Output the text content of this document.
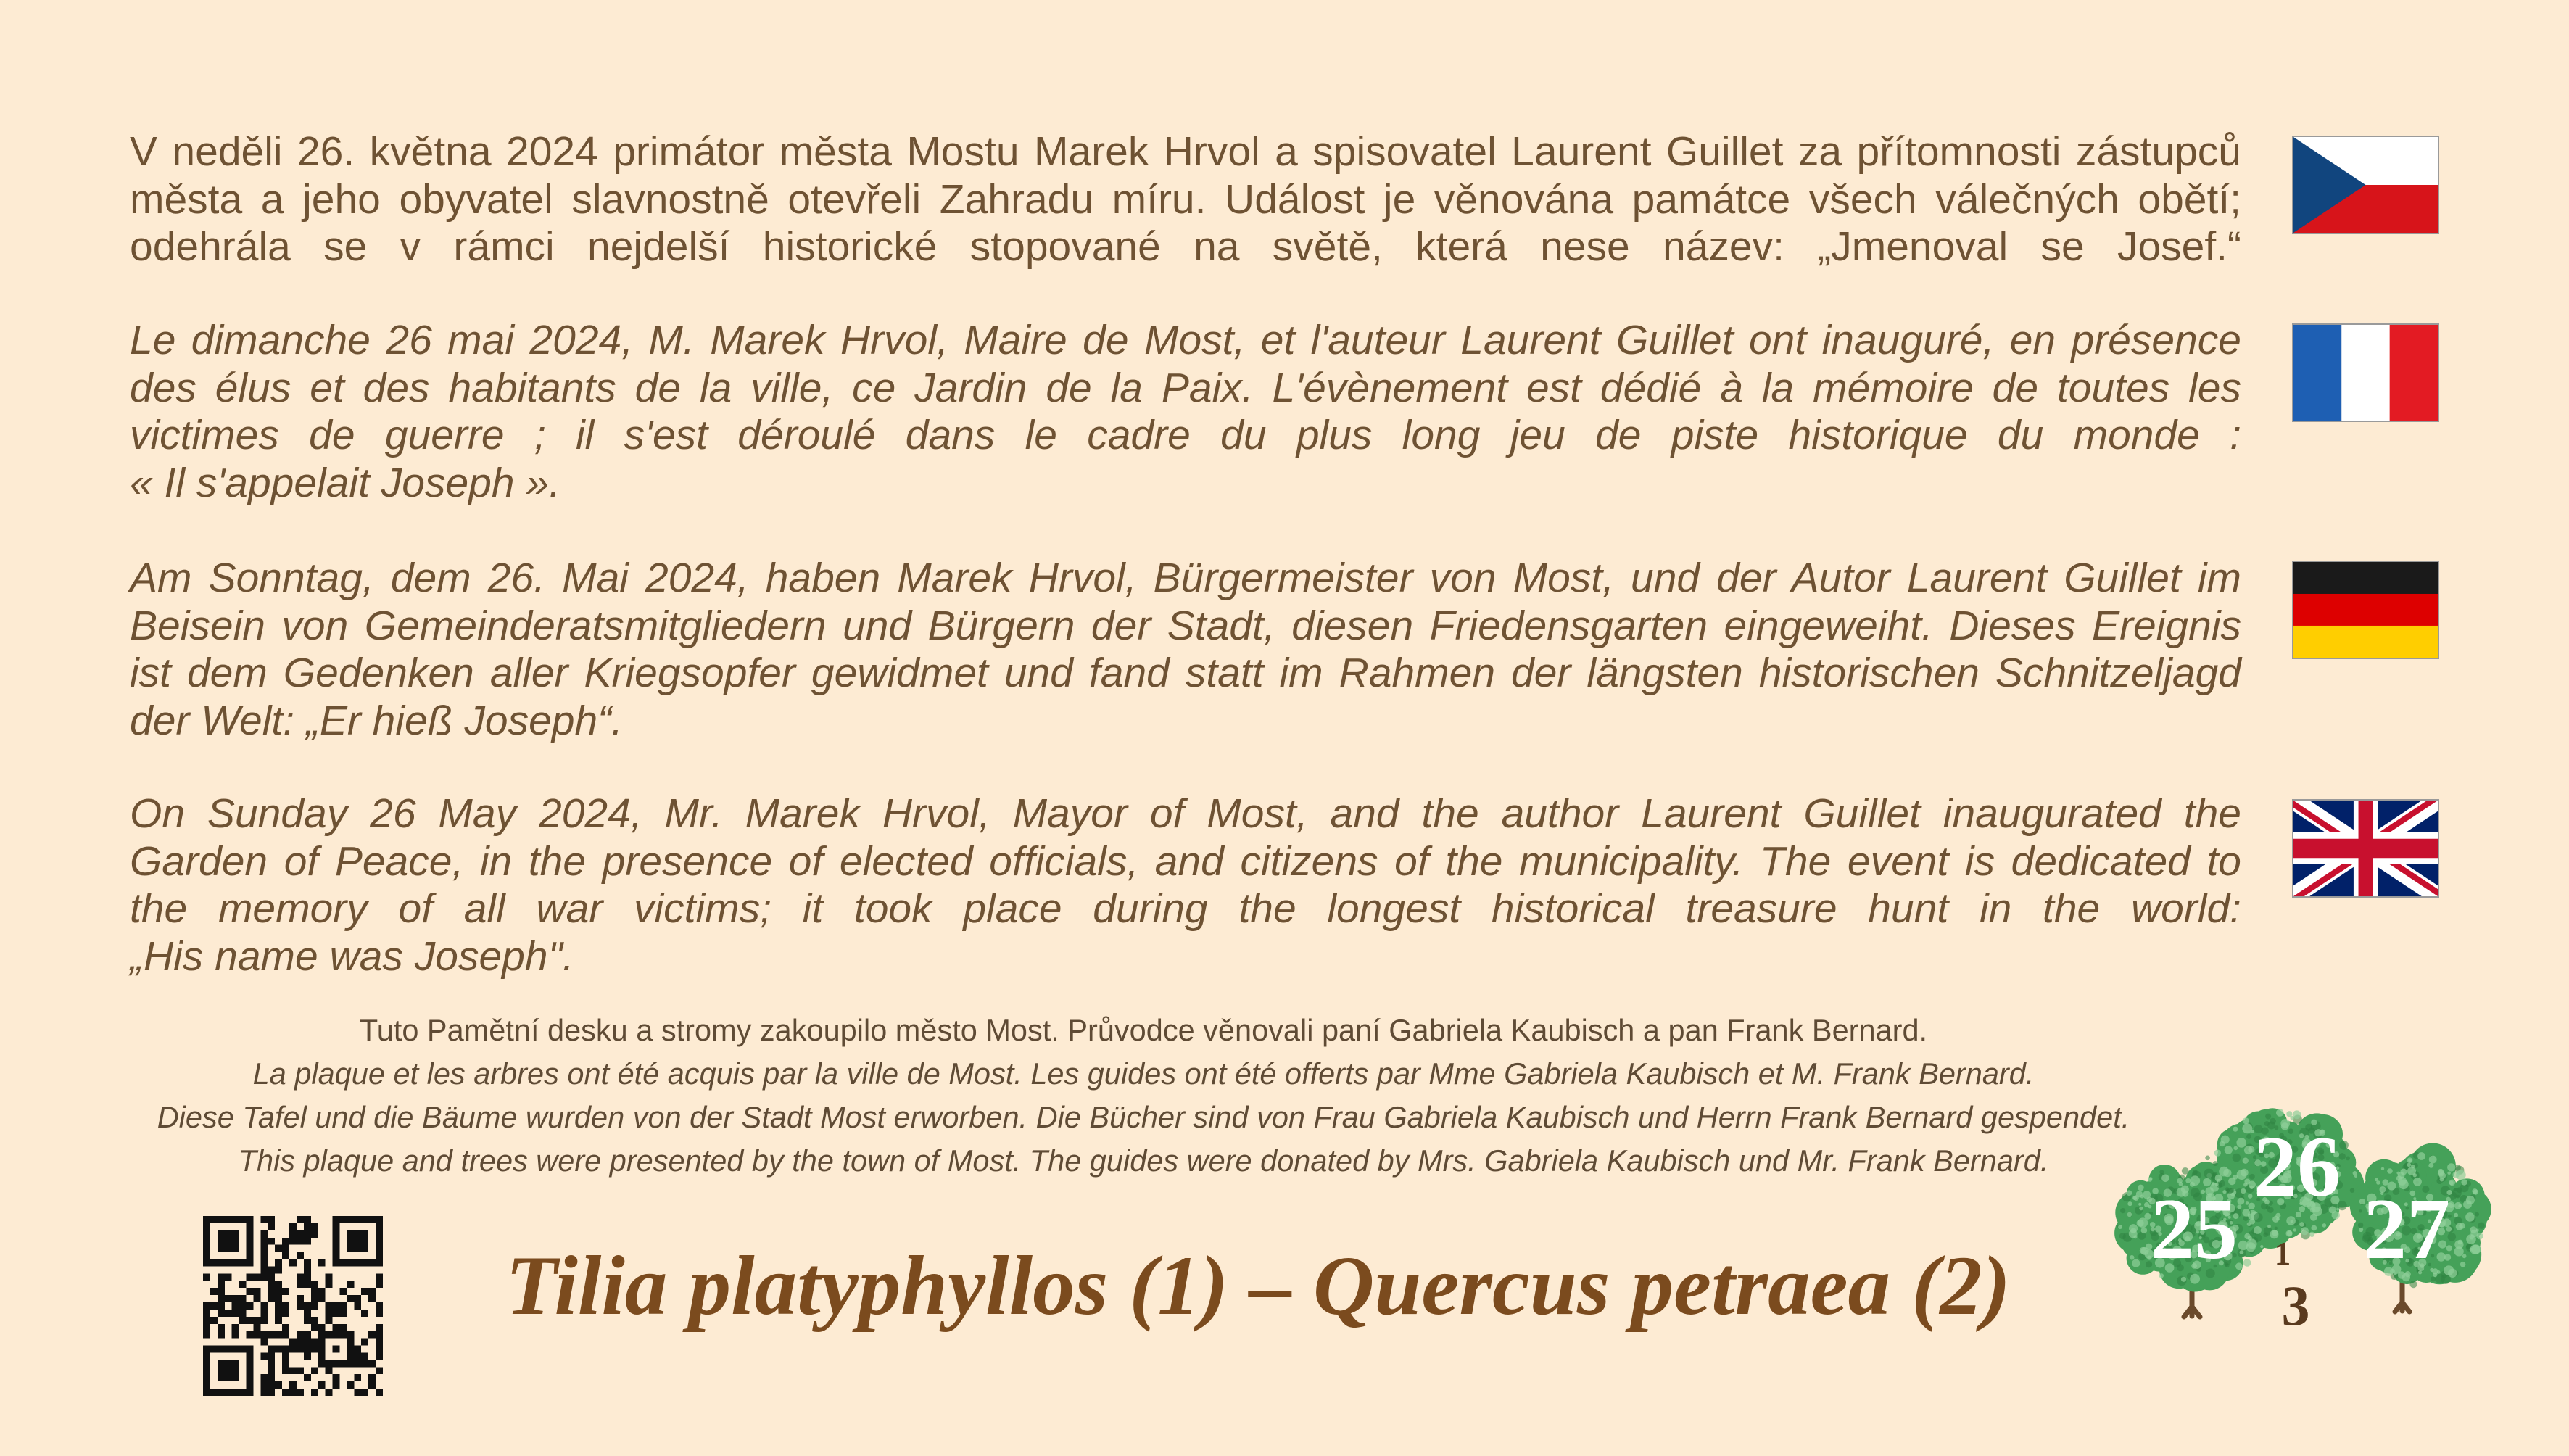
V neděli 26. května 2024 primátor města Mostu Marek Hrvol a spisovatel Laurent Guillet za přítomnosti zástupců
města a jeho obyvatel slavnostně otevřeli Zahradu míru. Událost je věnována památce všech válečných obětí;
odehrála se v rámci nejdelší historické stopované na světě, která nese název: „Jmenoval se Josef.“
Le dimanche 26 mai 2024, M. Marek Hrvol, Maire de Most, et l'auteur Laurent Guillet ont inauguré, en présence
des élus et des habitants de la ville, ce Jardin de la Paix. L'évènement est dédié à la mémoire de toutes les
victimes de guerre ; il s'est déroulé dans le cadre du plus long jeu de piste historique du monde :
« Il s'appelait Joseph ».
Am Sonntag, dem 26. Mai 2024, haben Marek Hrvol, Bürgermeister von Most, und der Autor Laurent Guillet im
Beisein von Gemeinderatsmitgliedern und Bürgern der Stadt, diesen Friedensgarten eingeweiht. Dieses Ereignis
ist dem Gedenken aller Kriegsopfer gewidmet und fand statt im Rahmen der längsten historischen Schnitzeljagd
der Welt: „Er hieß Joseph“.
On Sunday 26 May 2024, Mr. Marek Hrvol, Mayor of Most, and the author Laurent Guillet inaugurated the
Garden of Peace, in the presence of elected officials, and citizens of the municipality. The event is dedicated to
the memory of all war victims; it took place during the longest historical treasure hunt in the world:
„His name was Joseph".
Tuto Pamětní desku a stromy zakoupilo město Most. Průvodce věnovali paní Gabriela Kaubisch a pan Frank Bernard.
La plaque et les arbres ont été acquis par la ville de Most. Les guides ont été offerts par Mme Gabriela Kaubisch et M. Frank Bernard.
Diese Tafel und die Bäume wurden von der Stadt Most erworben. Die Bücher sind von Frau Gabriela Kaubisch und Herrn Frank Bernard gespendet.
This plaque and trees were presented by the town of Most. The guides were donated by Mrs. Gabriela Kaubisch und Mr. Frank Bernard.
Tilia platyphyllos (1) – Quercus petraea (2)
25
26
27
1
3
